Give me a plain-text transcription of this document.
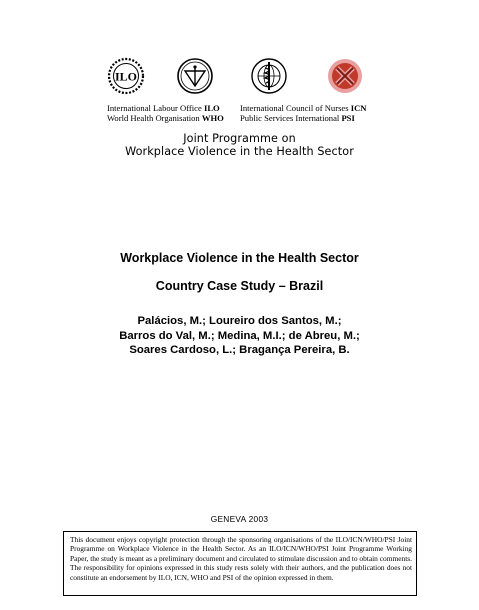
ILO
International Labour Office ILO
World Health Organisation WHO
International Council of Nurses ICN
Public Services International PSI
Joint Programme on
Workplace Violence in the Health Sector
Workplace Violence in the Health Sector
Country Case Study – Brazil
Palácios, M.; Loureiro dos Santos, M.;
Barros do Val, M.; Medina, M.I.; de Abreu, M.;
Soares Cardoso, L.; Bragança Pereira, B.
GENEVA 2003
This document enjoys copyright protection through the sponsoring organisations of the ILO/ICN/WHO/PSI Joint Programme on Workplace Violence in the Health Sector. As an ILO/ICN/WHO/PSI Joint Programme Working Paper, the study is meant as a preliminary document and circulated to stimulate discussion and to obtain comments. The responsibility for opinions expressed in this study rests solely with their authors, and the publication does not constitute an endorsement by ILO, ICN, WHO and PSI of the opinion expressed in them.
